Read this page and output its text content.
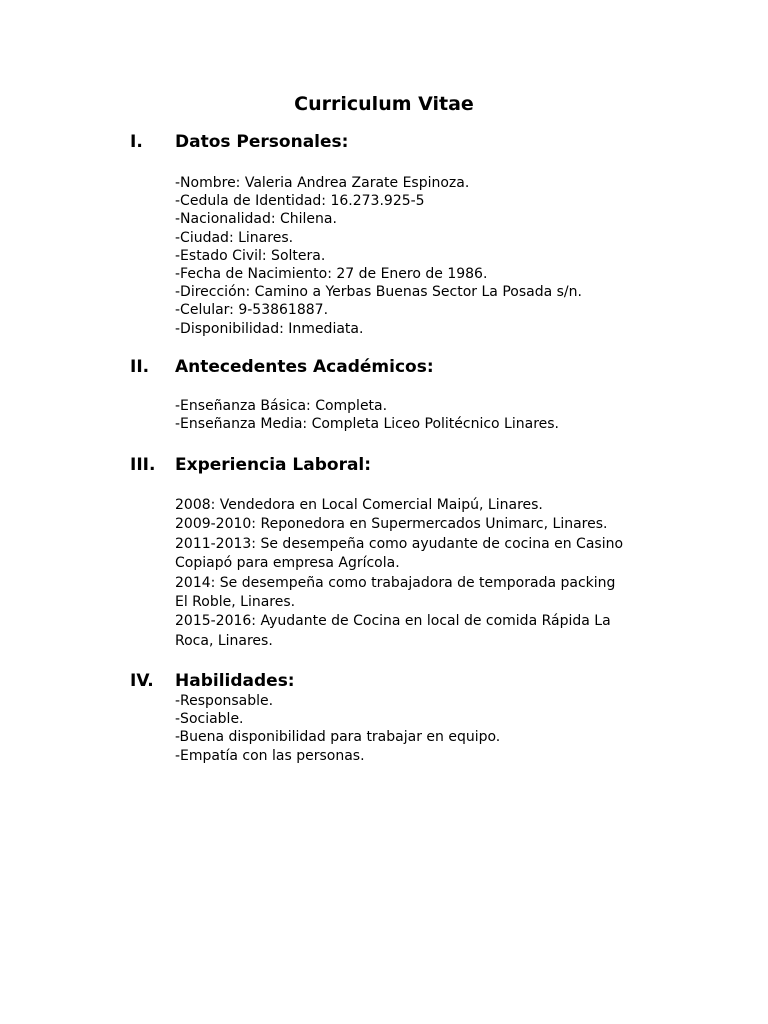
Curriculum Vitae
I. Datos Personales:
-Nombre: Valeria Andrea Zarate Espinoza.
-Cedula de Identidad: 16.273.925-5
-Nacionalidad: Chilena.
-Ciudad: Linares.
-Estado Civil: Soltera.
-Fecha de Nacimiento: 27 de Enero de 1986.
-Dirección: Camino a Yerbas Buenas Sector La Posada s/n.
-Celular: 9-53861887.
-Disponibilidad: Inmediata.
II. Antecedentes Académicos:
-Enseñanza Básica: Completa.
-Enseñanza Media: Completa Liceo Politécnico Linares.
III. Experiencia Laboral:
2008: Vendedora en Local Comercial Maipú, Linares.
2009-2010: Reponedora en Supermercados Unimarc, Linares.
2011-2013: Se desempeña como ayudante de cocina en Casino
Copiapó para empresa Agrícola.
2014: Se desempeña como trabajadora de temporada packing
El Roble, Linares.
2015-2016: Ayudante de Cocina en local de comida Rápida La
Roca, Linares.
IV. Habilidades:
-Responsable.
-Sociable.
-Buena disponibilidad para trabajar en equipo.
-Empatía con las personas.
